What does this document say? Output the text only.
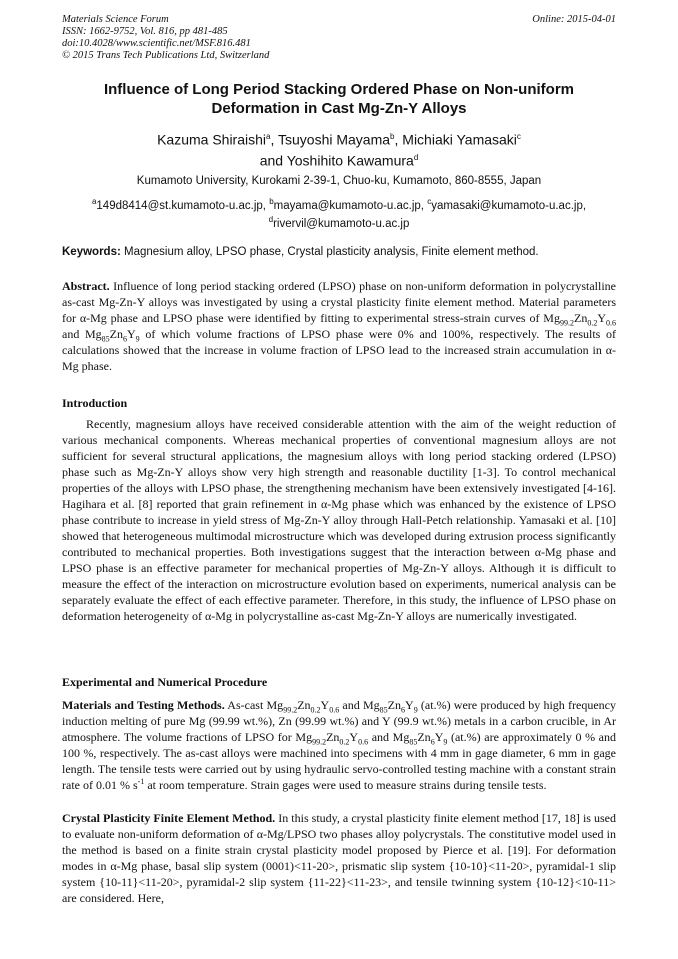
Materials Science Forum
ISSN: 1662-9752, Vol. 816, pp 481-485
doi:10.4028/www.scientific.net/MSF.816.481
© 2015 Trans Tech Publications Ltd, Switzerland
Online: 2015-04-01
Influence of Long Period Stacking Ordered Phase on Non-uniform
Deformation in Cast Mg-Zn-Y Alloys
Kazuma Shiraishi$^a$, Tsuyoshi Mayama$^b$, Michiaki Yamasaki$^c$
and Yoshihito Kawamura$^d$
Kumamoto University, Kurokami 2-39-1, Chuo-ku, Kumamoto, 860-8555, Japan
$^a$149d8414@st.kumamoto-u.ac.jp, $^b$mayama@kumamoto-u.ac.jp, $^c$yamasaki@kumamoto-u.ac.jp,
$^d$rivervil@kumamoto-u.ac.jp
Keywords: Magnesium alloy, LPSO phase, Crystal plasticity analysis, Finite element method.

Abstract. Influence of long period stacking ordered (LPSO) phase on non-uniform deformation in polycrystalline as-cast Mg-Zn-Y alloys was investigated by using a crystal plasticity finite element method. Material parameters for α-Mg phase and LPSO phase were identified by fitting to experimental stress-strain curves of $Mg_{99.2}Zn_{0.2}Y_{0.6}$ and $Mg_{85}Zn_6Y_9$ of which volume fractions of LPSO phase were 0% and 100%, respectively. The results of calculations showed that the increase in volume fraction of LPSO lead to the increased strain accumulation in α-Mg phase.

Introduction

Recently, magnesium alloys have received considerable attention with the aim of the weight reduction of various mechanical components. Whereas mechanical properties of conventional magnesium alloys are not sufficient for several structural applications, the magnesium alloys with long period stacking ordered (LPSO) phase such as Mg-Zn-Y alloys show very high strength and reasonable ductility [1-3]. To control mechanical properties of the alloys with LPSO phase, the strengthening mechanism have been extensively investigated [4-16]. Hagihara et al. [8] reported that grain refinement in α-Mg phase which was enhanced by the existence of LPSO phase contribute to increase in yield stress of Mg-Zn-Y alloy through Hall-Petch relationship. Yamasaki et al. [10] showed that heterogeneous multimodal microstructure which was developed during extrusion process significantly contributed to mechanical properties. Both investigations suggest that the interaction between α-Mg phase and LPSO phase is an effective parameter for mechanical properties of Mg-Zn-Y alloys. Although it is difficult to measure the effect of the interaction on microstructure evolution based on experiments, numerical analysis can be separately evaluate the effect of each effective parameter. Therefore, in this study, the influence of LPSO phase on deformation heterogeneity of α-Mg in polycrystalline as-cast Mg-Zn-Y alloys are numerically investigated.

Experimental and Numerical Procedure

Materials and Testing Methods. As-cast $Mg_{99.2}Zn_{0.2}Y_{0.6}$ and $Mg_{85}Zn_6Y_9$ (at.%) were produced by high frequency induction melting of pure Mg (99.99 wt.%), Zn (99.99 wt.%) and Y (99.9 wt.%) metals in a carbon crucible, in Ar atmosphere. The volume fractions of LPSO for $Mg_{99.2}Zn_{0.2}Y_{0.6}$ and $Mg_{85}Zn_6Y_9$ (at.%) are approximately 0 % and 100 %, respectively. The as-cast alloys were machined into specimens with 4 mm in gage diameter, 6 mm in gage length. The tensile tests were carried out by using hydraulic servo-controlled testing machine with a constant strain rate of 0.01 % $s^{-1}$ at room temperature. Strain gages were used to measure strains during tensile tests.

Crystal Plasticity Finite Element Method. In this study, a crystal plasticity finite element method [17, 18] is used to evaluate non-uniform deformation of α-Mg/LPSO two phases alloy polycrystals. The constitutive model used in the method is based on a finite strain crystal plasticity model proposed by Pierce et al. [19]. For deformation modes in α-Mg phase, basal slip system (0001)<11-20>, prismatic slip system {10-10}<11-20>, pyramidal-1 slip system {10-11}<11-20>, pyramidal-2 slip system {11-22}<11-23>, and tensile twinning system {10-12}<10-11> are considered. Here,
